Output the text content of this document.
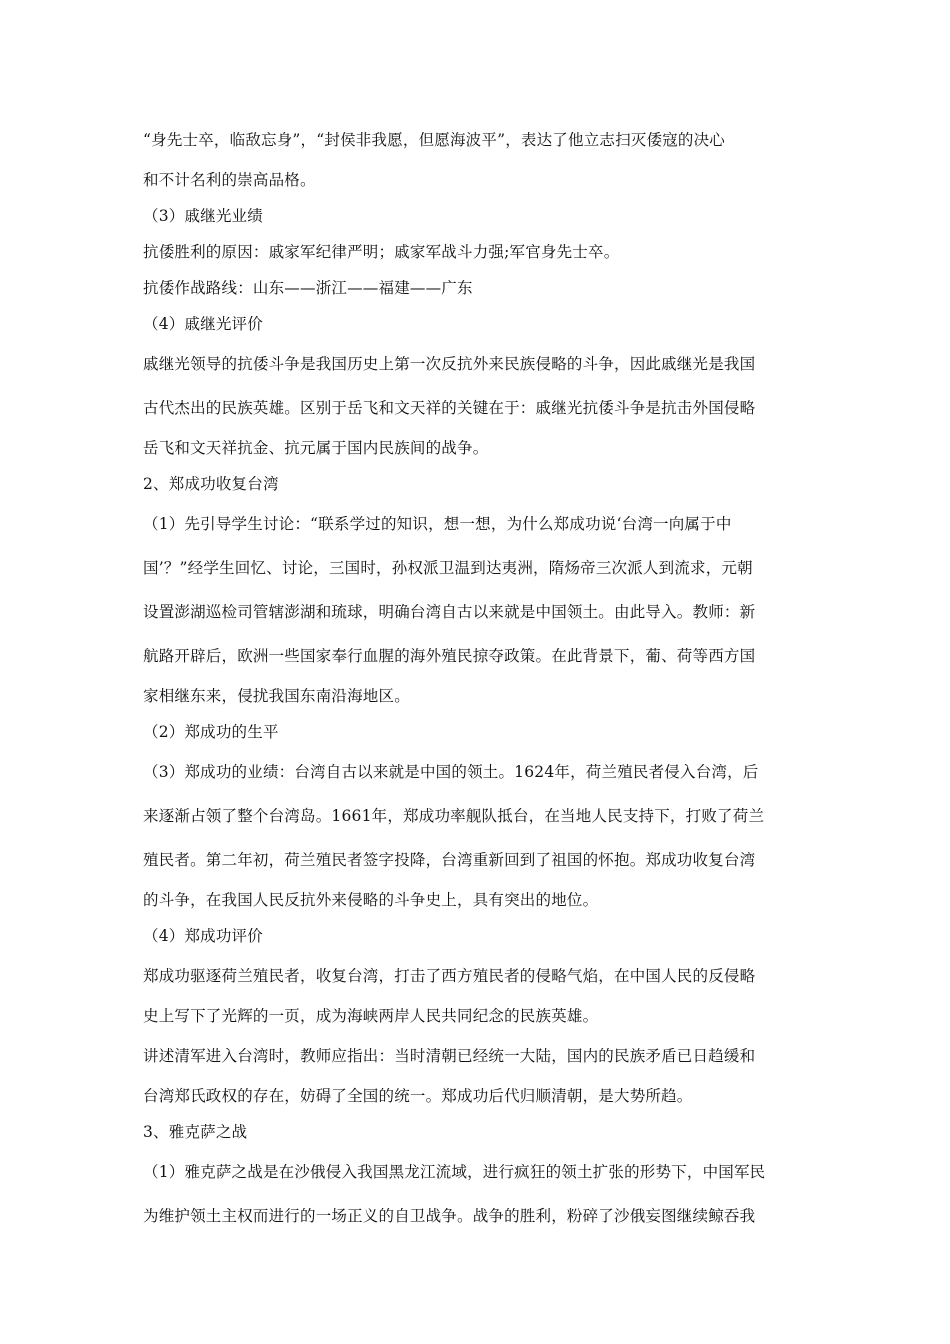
“身先士卒，临敌忘身”，“封侯非我愿，但愿海波平”，表达了他立志扫灭倭寇的决心
和不计名利的崇高品格。
（3）戚继光业绩
抗倭胜利的原因：戚家军纪律严明；戚家军战斗力强;军官身先士卒。
抗倭作战路线：山东——浙江——福建——广东
（4）戚继光评价
戚继光领导的抗倭斗争是我国历史上第一次反抗外来民族侵略的斗争，因此戚继光是我国
古代杰出的民族英雄。区别于岳飞和文天祥的关键在于：戚继光抗倭斗争是抗击外国侵略
岳飞和文天祥抗金、抗元属于国内民族间的战争。
2、郑成功收复台湾
（1）先引导学生讨论：“联系学过的知识，想一想，为什么郑成功说‘台湾一向属于中
国’？”经学生回忆、讨论，三国时，孙权派卫温到达夷洲，隋炀帝三次派人到流求，元朝
设置澎湖巡检司管辖澎湖和琉球，明确台湾自古以来就是中国领土。由此导入。教师：新
航路开辟后，欧洲一些国家奉行血腥的海外殖民掠夺政策。在此背景下，葡、荷等西方国
家相继东来，侵扰我国东南沿海地区。
（2）郑成功的生平
（3）郑成功的业绩：台湾自古以来就是中国的领土。1624年，荷兰殖民者侵入台湾，后
来逐渐占领了整个台湾岛。1661年，郑成功率舰队抵台，在当地人民支持下，打败了荷兰
殖民者。第二年初，荷兰殖民者签字投降，台湾重新回到了祖国的怀抱。郑成功收复台湾
的斗争，在我国人民反抗外来侵略的斗争史上，具有突出的地位。
（4）郑成功评价
郑成功驱逐荷兰殖民者，收复台湾，打击了西方殖民者的侵略气焰，在中国人民的反侵略
史上写下了光辉的一页，成为海峡两岸人民共同纪念的民族英雄。
讲述清军进入台湾时，教师应指出：当时清朝已经统一大陆，国内的民族矛盾已日趋缓和
台湾郑氏政权的存在，妨碍了全国的统一。郑成功后代归顺清朝，是大势所趋。
3、雅克萨之战
（1）雅克萨之战是在沙俄侵入我国黑龙江流域，进行疯狂的领土扩张的形势下，中国军民
为维护领土主权而进行的一场正义的自卫战争。战争的胜利，粉碎了沙俄妄图继续鲸吞我
